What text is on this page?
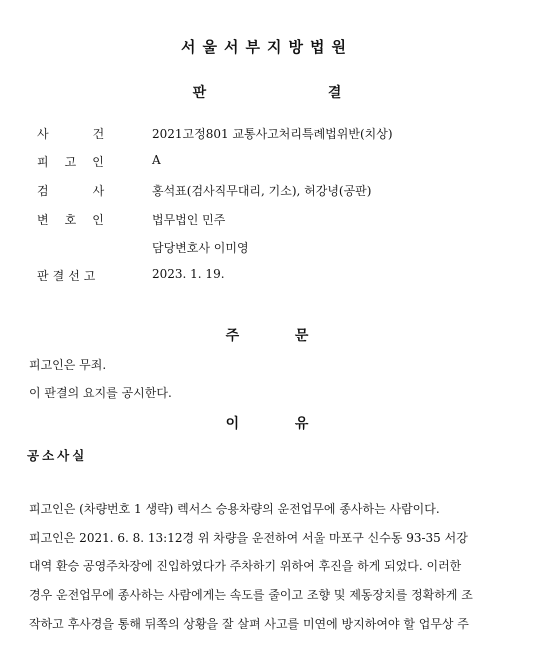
서울서부지방법원
판	결
사	건	2021고정801 교통사고처리특례법위반(치상)
피 고 인	A
검	사	홍석표(검사직무대리, 기소), 허강녕(공판)
변 호 인	법무법인 민주
담당변호사 이미영
판 결 선 고	2023. 1. 19.
주	문
피고인은 무죄.
이 판결의 요지를 공시한다.
이	유
공소사실
피고인은 (차량번호 1 생략) 렉서스 승용차량의 운전업무에 종사하는 사람이다.
피고인은 2021. 6. 8. 13:12경 위 차량을 운전하여 서울 마포구 신수동 93-35 서강
대역 환승 공영주차장에 진입하였다가 주차하기 위하여 후진을 하게 되었다. 이러한
경우 운전업무에 종사하는 사람에게는 속도를 줄이고 조향 및 제동장치를 정확하게 조
작하고 후사경을 통해 뒤쪽의 상황을 잘 살펴 사고를 미연에 방지하여야 할 업무상 주
